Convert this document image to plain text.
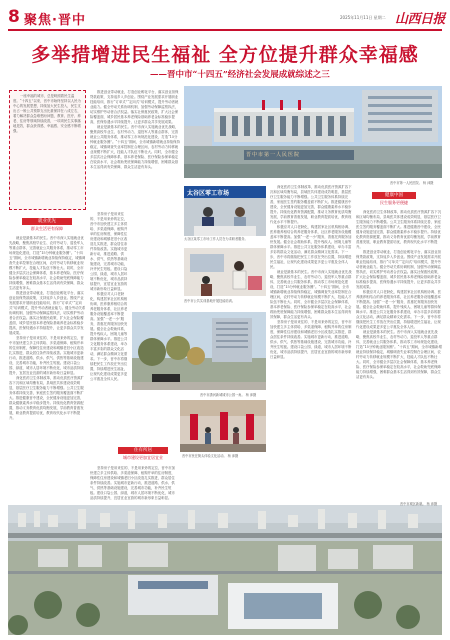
8 聚焦·晋中	2025年11月11日 星期二 山西日报
多举措增进民生福祉 全方位提升群众幸福感
——晋中市“十四五”经济社会发展成就综述之三
一座幸福的城市，总是映照着民生温度。“十四五”以来，晋中市始终坚持以人民为中心的发展思想，持续加大民生投入，民生支出占一般公共预算支出比重保持在八成左右，着力解决群众急难愁盼问题，教育、医疗、养老、住房等领域持续改善，一项项民生实事落地见效，群众获得感、幸福感、安全感不断增强。
就业优先
群众生活更有保障
就业是最基本的民生。晋中市深入实施就业优先战略，聚焦高校毕业生、农村劳动力、退役军人等重点群体，完善就业公共服务体系，推动零工市场规范化建设，打造“15分钟就业服务圈”。“十四五”期间，全市城镇新增就业持续保持稳定，城镇调查失业率控制在合理区间，农村劳动力转移就业规模不断扩大，技能人才队伍不断壮大。同时，全市健全多层次社会保障体系，基本养老保险、医疗保险参保率稳定在较高水平，社会救助兜底保障能力持续增强，困难群众基本生活得到有效保障，群众生活更有奔头。
推进创业带动就业，打造创业孵化平台，落实创业担保贷款政策，支持返乡入乡创业。围绕产业发展需求开展职业技能培训，推行“订单式”“定向式”培训模式，提升劳动者就业能力。健全劳动关系协调机制，加强劳动保障监察执法，切实维护劳动者合法权益。落实社保惠民政策，扩大社会保险覆盖面，城乡居民基本养老保险基础养老金标准稳步提高，医保待遇水平持续提升，让更多群众共享发展成果。
坚持房子是用来住的、不是用来炒的定位，晋中市加快建立多主体供给、多渠道保障、租购并举的住房制度，保障性住房建设和城镇老旧小区改造扎实推进，群众居住条件持续改善。实施城市更新行动，推进道路、供水、供气、供热等基础设施建设，完善城市功能，补齐民生短板。建设口袋公园、绿道，城市人居环境不断优化，城市品质持续提升，宜居宜业宜游的城市新形象日益彰显。
深化医药卫生体制改革，推动优质医疗资源扩容下沉和区域均衡布局，县域医共体建设成效明显，基层医疗卫生服务能力不断增强。公共卫生服务体系持续完善，家庭医生签约服务覆盖面不断扩大。推进健康晋中建设，全民健身设施更加完善，群众健康素养水平稳步提升。持续优化教育资源配置，推动义务教育优质均衡发展，学前教育普惠发展，职业教育提质培优，教育现代化水平不断提升。
推进创业带动就业，打造创业孵化平台，落实创业担保贷款政策，支持返乡入乡创业。围绕产业发展需求开展职业技能培训，推行“订单式”“定向式”培训模式，提升劳动者就业能力。健全劳动关系协调机制，加强劳动保障监察执法，切实维护劳动者合法权益。落实社保惠民政策，扩大社会保险覆盖面，城乡居民基本养老保险基础养老金标准稳步提高，医保待遇水平持续提升，让更多群众共享发展成果。
就业是最基本的民生。晋中市深入实施就业优先战略，聚焦高校毕业生、农村劳动力、退役军人等重点群体，完善就业公共服务体系，推动零工市场规范化建设，打造“15分钟就业服务圈”。“十四五”期间，全市城镇新增就业持续保持稳定，城镇调查失业率控制在合理区间，农村劳动力转移就业规模不断扩大，技能人才队伍不断壮大。同时，全市健全多层次社会保障体系，基本养老保险、医疗保险参保率稳定在较高水平，社会救助兜底保障能力持续增强，困难群众基本生活得到有效保障，群众生活更有奔头。
坚持房子是用来住的、不是用来炒的定位，晋中市加快建立多主体供给、多渠道保障、租购并举的住房制度，保障性住房建设和城镇老旧小区改造扎实推进，群众居住条件持续改善。实施城市更新行动，推进道路、供水、供气、供热等基础设施建设，完善城市功能，补齐民生短板。建设口袋公园、绿道，城市人居环境不断优化，城市品质持续提升，宜居宜业宜游的城市新形象日益彰显。
积极应对人口老龄化，构建居家社区机构相协调、医养康养相结合的养老服务体系，社区养老服务设施覆盖率不断提高。加强“一老一小”服务，普惠托育服务加快发展。健全社会救助体系，提升残疾人、困境儿童等群体保障水平。推进公共文化服务体系建设，举办丰富多彩的群众文化活动，满足群众精神文化需求。下一步，晋中市将继续把民生工作放在突出位置，持续增进民生福祉，让现代化建设成果更多更公平惠及全体人民。
住有所居
城市建设更加宜居宜业
坚持房子是用来住的、不是用来炒的定位，晋中市加快建立多主体供给、多渠道保障、租购并举的住房制度，保障性住房建设和城镇老旧小区改造扎实推进，群众居住条件持续改善。实施城市更新行动，推进道路、供水、供气、供热等基础设施建设，完善城市功能，补齐民生短板。建设口袋公园、绿道，城市人居环境不断优化，城市品质持续提升，宜居宜业宜游的城市新形象日益彰显。
深化医药卫生体制改革，推动优质医疗资源扩容下沉和区域均衡布局，县域医共体建设成效明显，基层医疗卫生服务能力不断增强。公共卫生服务体系持续完善，家庭医生签约服务覆盖面不断扩大。推进健康晋中建设，全民健身设施更加完善，群众健康素养水平稳步提升。持续优化教育资源配置，推动义务教育优质均衡发展，学前教育普惠发展，职业教育提质培优，教育现代化水平不断提升。
积极应对人口老龄化，构建居家社区机构相协调、医养康养相结合的养老服务体系，社区养老服务设施覆盖率不断提高。加强“一老一小”服务，普惠托育服务加快发展。健全社会救助体系，提升残疾人、困境儿童等群体保障水平。推进公共文化服务体系建设，举办丰富多彩的群众文化活动，满足群众精神文化需求。下一步，晋中市将继续把民生工作放在突出位置，持续增进民生福祉，让现代化建设成果更多更公平惠及全体人民。
就业是最基本的民生。晋中市深入实施就业优先战略，聚焦高校毕业生、农村劳动力、退役军人等重点群体，完善就业公共服务体系，推动零工市场规范化建设，打造“15分钟就业服务圈”。“十四五”期间，全市城镇新增就业持续保持稳定，城镇调查失业率控制在合理区间，农村劳动力转移就业规模不断扩大，技能人才队伍不断壮大。同时，全市健全多层次社会保障体系，基本养老保险、医疗保险参保率稳定在较高水平，社会救助兜底保障能力持续增强，困难群众基本生活得到有效保障，群众生活更有奔头。
坚持房子是用来住的、不是用来炒的定位，晋中市加快建立多主体供给、多渠道保障、租购并举的住房制度，保障性住房建设和城镇老旧小区改造扎实推进，群众居住条件持续改善。实施城市更新行动，推进道路、供水、供气、供热等基础设施建设，完善城市功能，补齐民生短板。建设口袋公园、绿道，城市人居环境不断优化，城市品质持续提升，宜居宜业宜游的城市新形象日益彰显。
健康中国
民生服务更便捷
深化医药卫生体制改革，推动优质医疗资源扩容下沉和区域均衡布局，县域医共体建设成效明显，基层医疗卫生服务能力不断增强。公共卫生服务体系持续完善，家庭医生签约服务覆盖面不断扩大。推进健康晋中建设，全民健身设施更加完善，群众健康素养水平稳步提升。持续优化教育资源配置，推动义务教育优质均衡发展，学前教育普惠发展，职业教育提质培优，教育现代化水平不断提升。
推进创业带动就业，打造创业孵化平台，落实创业担保贷款政策，支持返乡入乡创业。围绕产业发展需求开展职业技能培训，推行“订单式”“定向式”培训模式，提升劳动者就业能力。健全劳动关系协调机制，加强劳动保障监察执法，切实维护劳动者合法权益。落实社保惠民政策，扩大社会保险覆盖面，城乡居民基本养老保险基础养老金标准稳步提高，医保待遇水平持续提升，让更多群众共享发展成果。
积极应对人口老龄化，构建居家社区机构相协调、医养康养相结合的养老服务体系，社区养老服务设施覆盖率不断提高。加强“一老一小”服务，普惠托育服务加快发展。健全社会救助体系，提升残疾人、困境儿童等群体保障水平。推进公共文化服务体系建设，举办丰富多彩的群众文化活动，满足群众精神文化需求。下一步，晋中市将继续把民生工作放在突出位置，持续增进民生福祉，让现代化建设成果更多更公平惠及全体人民。
就业是最基本的民生。晋中市深入实施就业优先战略，聚焦高校毕业生、农村劳动力、退役军人等重点群体，完善就业公共服务体系，推动零工市场规范化建设，打造“15分钟就业服务圈”。“十四五”期间，全市城镇新增就业持续保持稳定，城镇调查失业率控制在合理区间，农村劳动力转移就业规模不断扩大，技能人才队伍不断壮大。同时，全市健全多层次社会保障体系，基本养老保险、医疗保险参保率稳定在较高水平，社会救助兜底保障能力持续增强，困难群众基本生活得到有效保障，群众生活更有奔头。
晋中市第一人民医院
晋中市第一人民医院。 杨 沛摄
太谷区零工市场
太谷区某零工市场工作人员在为求职者服务。
晋中市公共实训基地开展技能培训。
晋中市潇河新城城市公园一角。 杨 沛摄
晋中市民在街头体验文化活动。 杨 沛摄
晋中市城区新貌。 杨 沛摄
